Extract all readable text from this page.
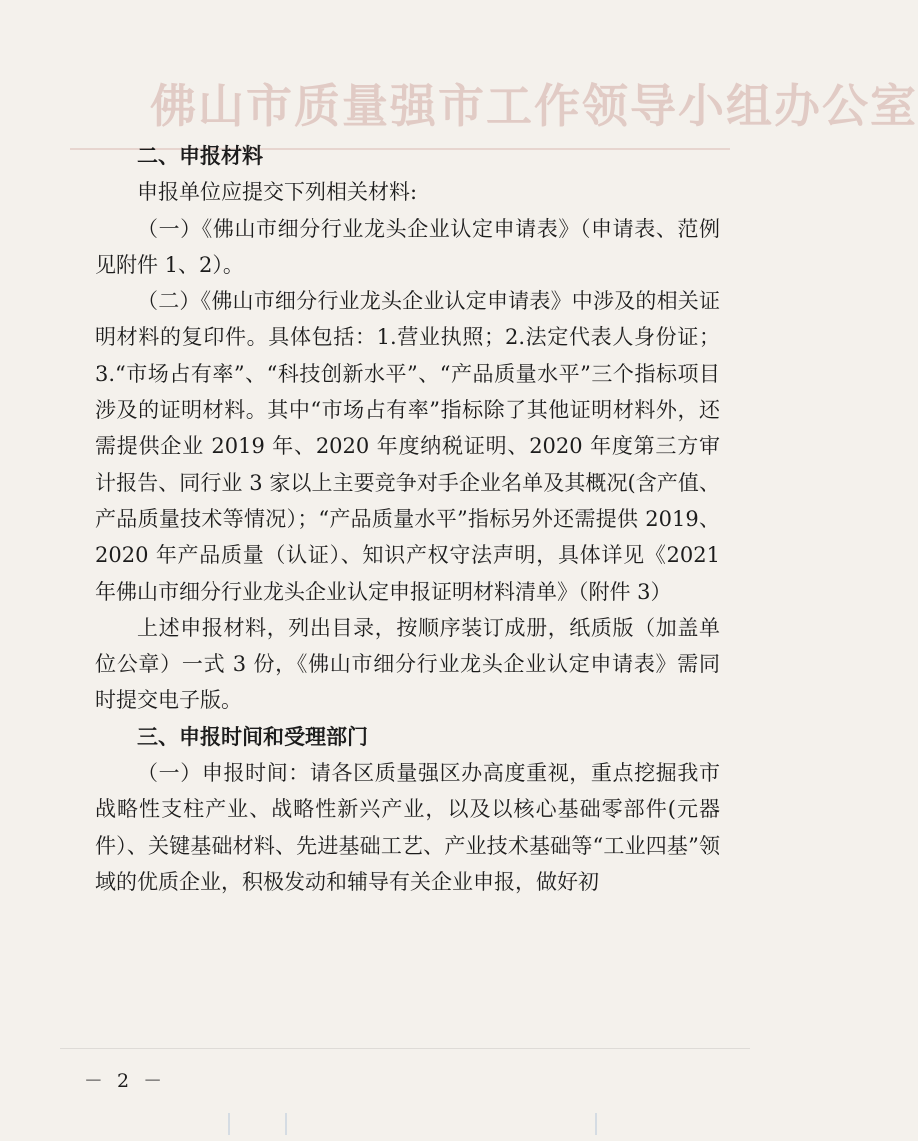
佛山市质量强市工作领导小组办公室
二、申报材料

申报单位应提交下列相关材料:

（一）《佛山市细分行业龙头企业认定申请表》（申请表、范例见附件 1、2）。

（二）《佛山市细分行业龙头企业认定申请表》中涉及的相关证明材料的复印件。具体包括：1.营业执照；2.法定代表人身份证；3.“市场占有率”、“科技创新水平”、“产品质量水平”三个指标项目涉及的证明材料。其中“市场占有率”指标除了其他证明材料外，还需提供企业 2019 年、2020 年度纳税证明、2020 年度第三方审计报告、同行业 3 家以上主要竞争对手企业名单及其概况(含产值、产品质量技术等情况）；“产品质量水平”指标另外还需提供 2019、2020 年产品质量（认证）、知识产权守法声明，具体详见《2021 年佛山市细分行业龙头企业认定申报证明材料清单》（附件 3）

上述申报材料，列出目录，按顺序装订成册，纸质版（加盖单位公章）一式 3 份，《佛山市细分行业龙头企业认定申请表》需同时提交电子版。

三、申报时间和受理部门

（一）申报时间：请各区质量强区办高度重视，重点挖掘我市战略性支柱产业、战略性新兴产业，以及以核心基础零部件(元器件）、关键基础材料、先进基础工艺、产业技术基础等“工业四基”领域的优质企业，积极发动和辅导有关企业申报，做好初

－ 2 －
